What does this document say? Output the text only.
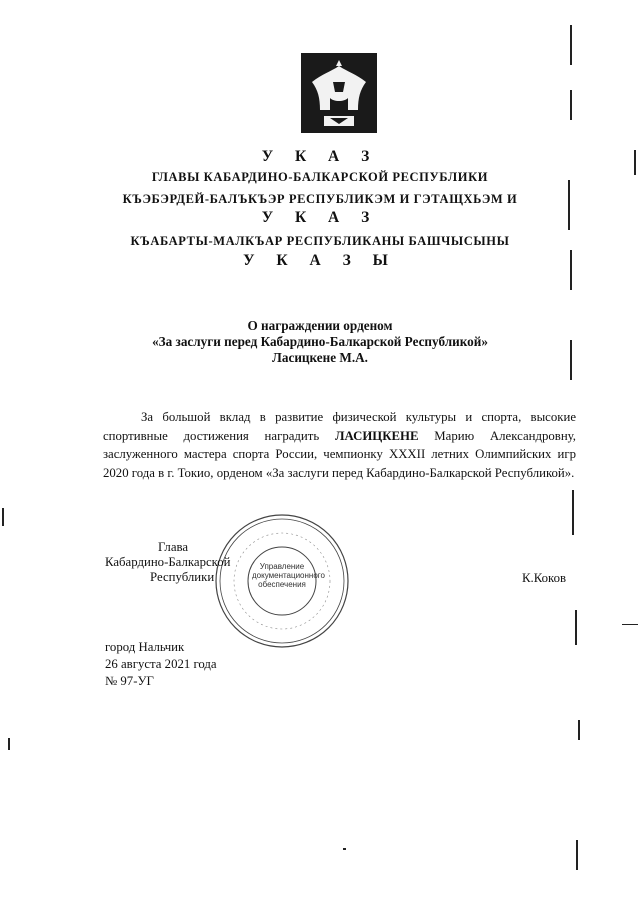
У К А З
ГЛАВЫ КАБАРДИНО-БАЛКАРСКОЙ РЕСПУБЛИКИ
КЪЭБЭРДЕЙ-БАЛЪКЪЭР РЕСПУБЛИКЭМ И ГЭТАЩХЬЭМ И
У К А З
КЪАБАРТЫ-МАЛКЪАР РЕСПУБЛИКАНЫ БАШЧЫСЫНЫ
У К А З Ы
О награждении орденом
«За заслуги перед Кабардино-Балкарской Республикой»
Ласицкене М.А.

За большой вклад в развитие физической культуры и спорта, высокие спортивные достижения наградить ЛАСИЦКЕНЕ Марию Александровну, заслуженного мастера спорта России, чемпионку XXXII летних Олимпийских игр 2020 года в г. Токио, орденом «За заслуги перед Кабардино-Балкарской Республикой».

Управление документационного обеспечения
Глава
Кабардино-Балкарской
Республики	К.Коков
город Нальчик
26 августа 2021 года
№ 97-УГ
